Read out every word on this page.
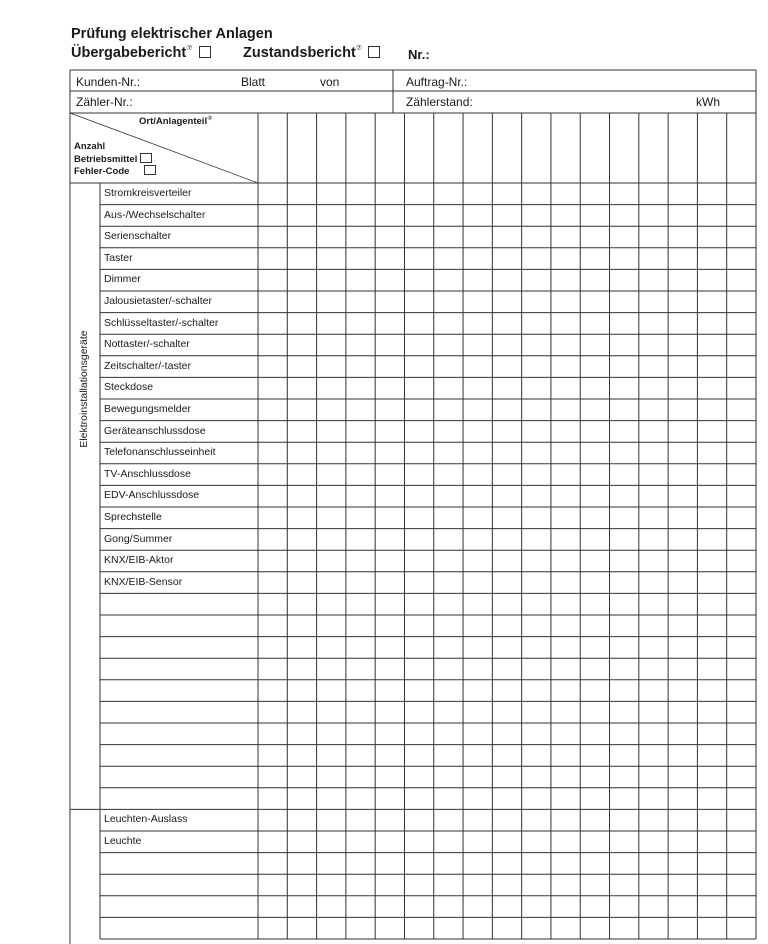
Prüfung elektrischer Anlagen
Übergabebericht⑦	Zustandsbericht⑦	Nr.:
Kunden-Nr.:	Blatt	von	Auftrag-Nr.:
Zähler-Nr.:	Zählerstand:	kWh
Ort/Anlagenteil⑧
Anzahl
Betriebsmittel
Fehler-Code
Elektroinstallationsgeräte
Stromkreisverteiler
Aus-/Wechselschalter
Serienschalter
Taster
Dimmer
Jalousietaster/-schalter
Schlüsseltaster/-schalter
Nottaster/-schalter
Zeitschalter/-taster
Steckdose
Bewegungsmelder
Geräteanschlussdose
Telefonanschlusseinheit
TV-Anschlussdose
EDV-Anschlussdose
Sprechstelle
Gong/Summer
KNX/EIB-Aktor
KNX/EIB-Sensor
Leuchten-Auslass
Leuchte
